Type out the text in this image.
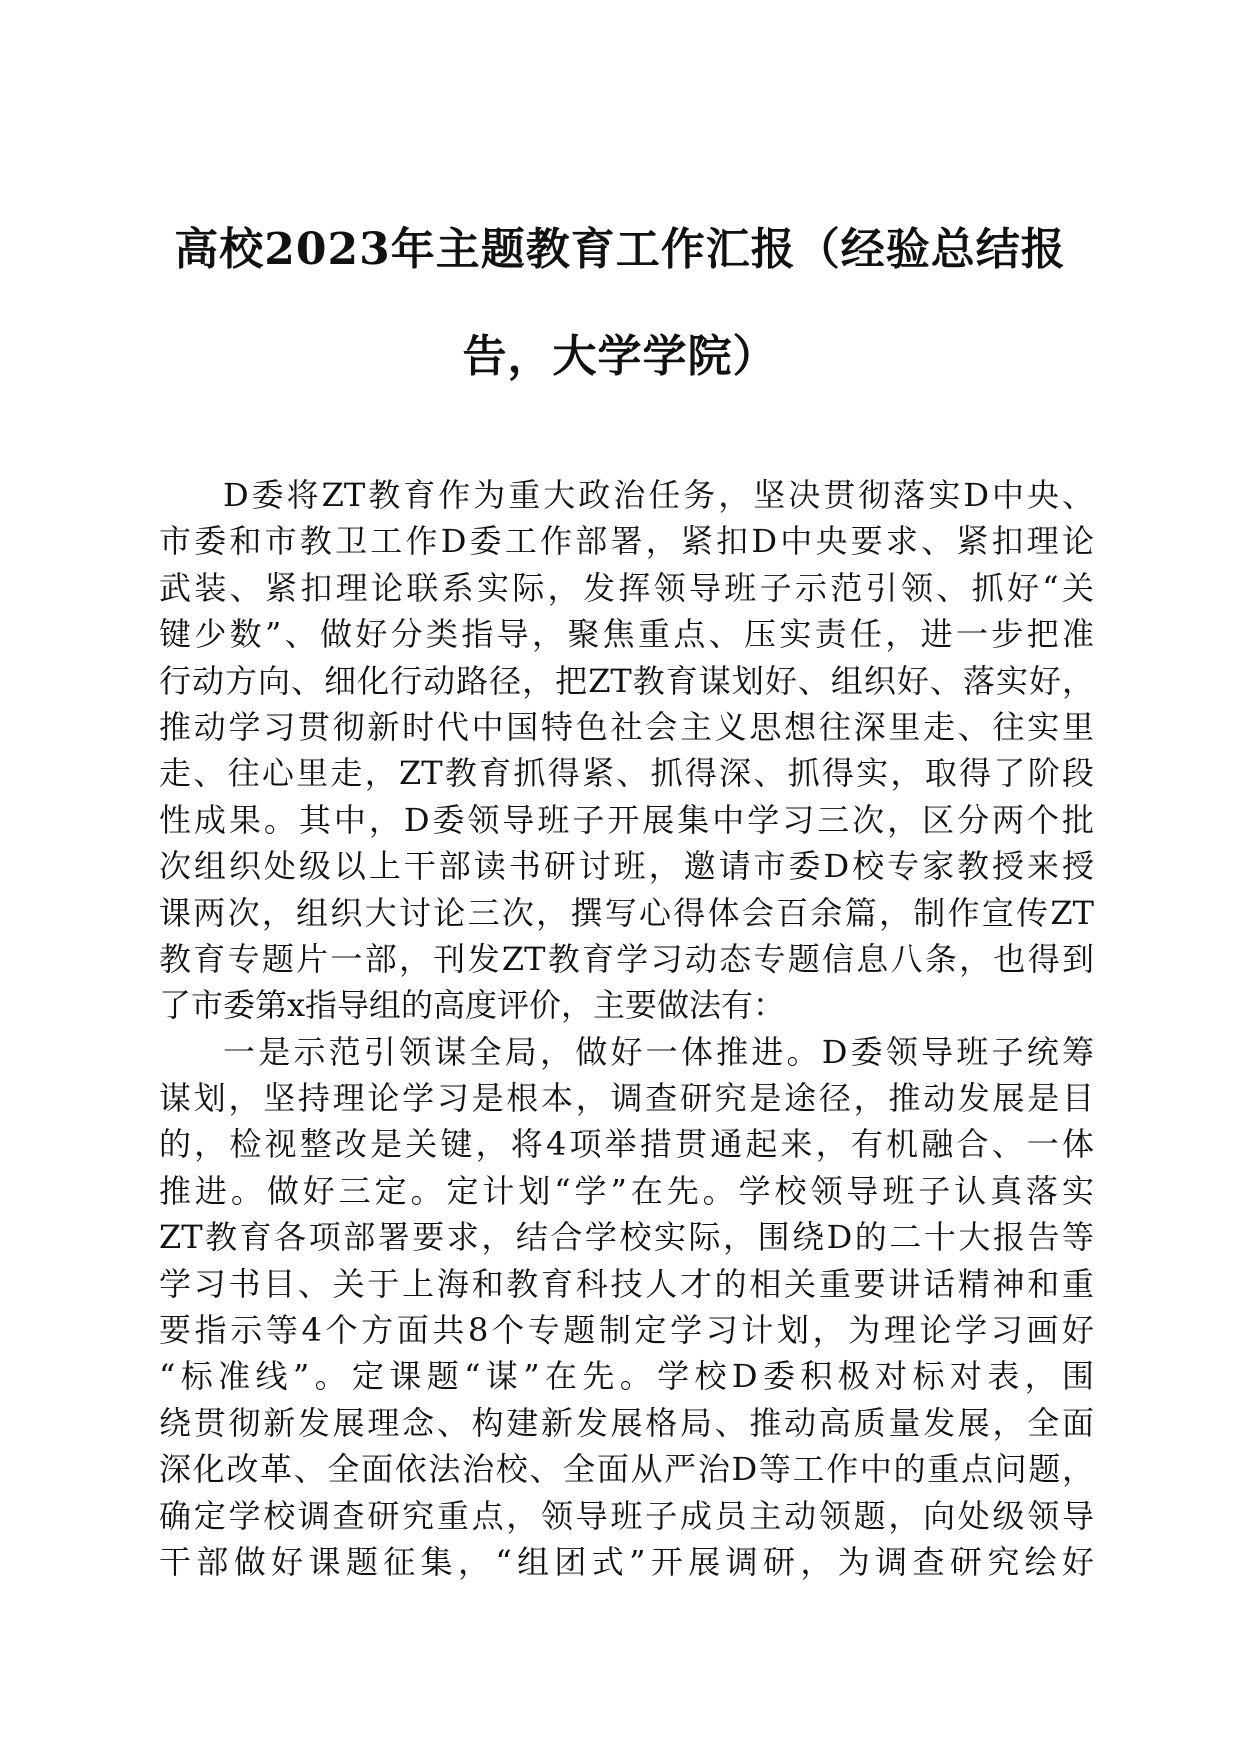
高校2023年主题教育工作汇报（经验总结报
告，大学学院）
D委将ZT教育作为重大政治任务，坚决贯彻落实D中央、
市委和市教卫工作D委工作部署，紧扣D中央要求、紧扣理论
武装、紧扣理论联系实际，发挥领导班子示范引领、抓好“关
键少数”、做好分类指导，聚焦重点、压实责任，进一步把准
行动方向、细化行动路径，把ZT教育谋划好、组织好、落实好，
推动学习贯彻新时代中国特色社会主义思想往深里走、往实里
走、往心里走，ZT教育抓得紧、抓得深、抓得实，取得了阶段
性成果。其中，D委领导班子开展集中学习三次，区分两个批
次组织处级以上干部读书研讨班，邀请市委D校专家教授来授
课两次，组织大讨论三次，撰写心得体会百余篇，制作宣传ZT
教育专题片一部，刊发ZT教育学习动态专题信息八条，也得到
了市委第x指导组的高度评价，主要做法有：
一是示范引领谋全局，做好一体推进。D委领导班子统筹
谋划，坚持理论学习是根本，调查研究是途径，推动发展是目
的，检视整改是关键，将4项举措贯通起来，有机融合、一体
推进。做好三定。定计划“学”在先。学校领导班子认真落实
ZT教育各项部署要求，结合学校实际，围绕D的二十大报告等
学习书目、关于上海和教育科技人才的相关重要讲话精神和重
要指示等4个方面共8个专题制定学习计划，为理论学习画好
“标准线”。定课题“谋”在先。学校D委积极对标对表，围
绕贯彻新发展理念、构建新发展格局、推动高质量发展，全面
深化改革、全面依法治校、全面从严治D等工作中的重点问题，
确定学校调查研究重点，领导班子成员主动领题，向处级领导
干部做好课题征集，“组团式”开展调研，为调查研究绘好
